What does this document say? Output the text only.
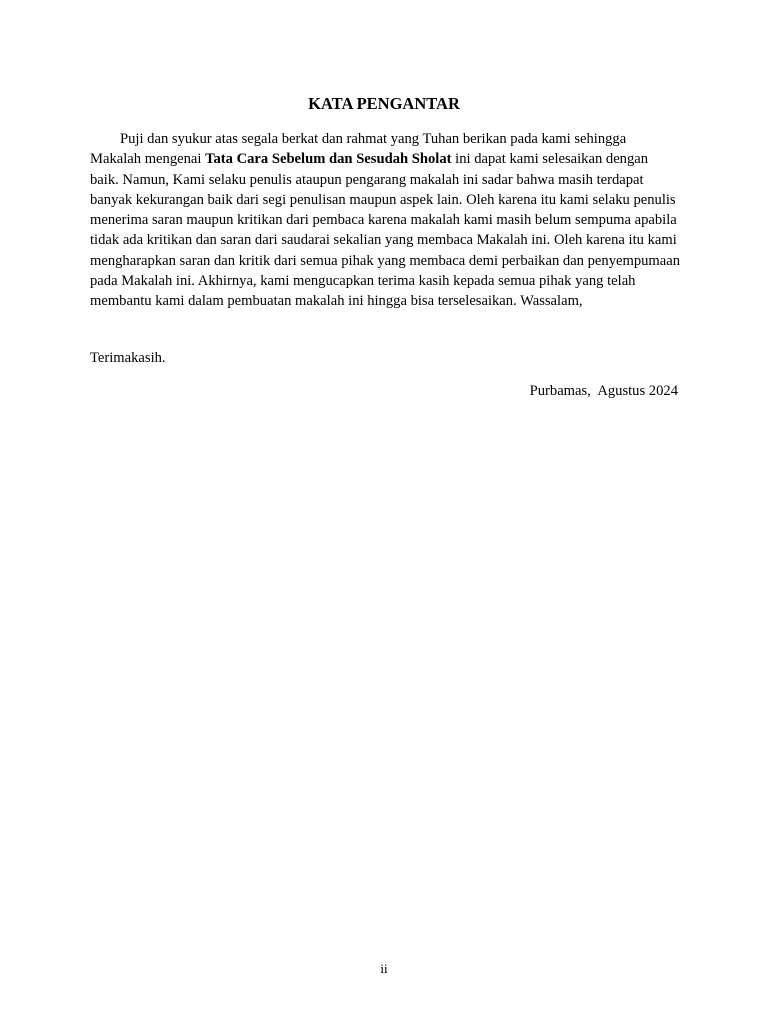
KATA PENGANTAR

Puji dan syukur atas segala berkat dan rahmat yang Tuhan berikan pada kami sehingga Makalah mengenai Tata Cara Sebelum dan Sesudah Sholat ini dapat kami selesaikan dengan baik. Namun, Kami selaku penulis ataupun pengarang makalah ini sadar bahwa masih terdapat banyak kekurangan baik dari segi penulisan maupun aspek lain. Oleh karena itu kami selaku penulis menerima saran maupun kritikan dari pembaca karena makalah kami masih belum sempuma apabila tidak ada kritikan dan saran dari saudarai sekalian yang membaca Makalah ini. Oleh karena itu kami mengharapkan saran dan kritik dari semua pihak yang membaca demi perbaikan dan penyempumaan pada Makalah ini. Akhirnya, kami mengucapkan terima kasih kepada semua pihak yang telah membantu kami dalam pembuatan makalah ini hingga bisa terselesaikan. Wassalam,

Terimakasih.
Purbamas,  Agustus 2024
ii
